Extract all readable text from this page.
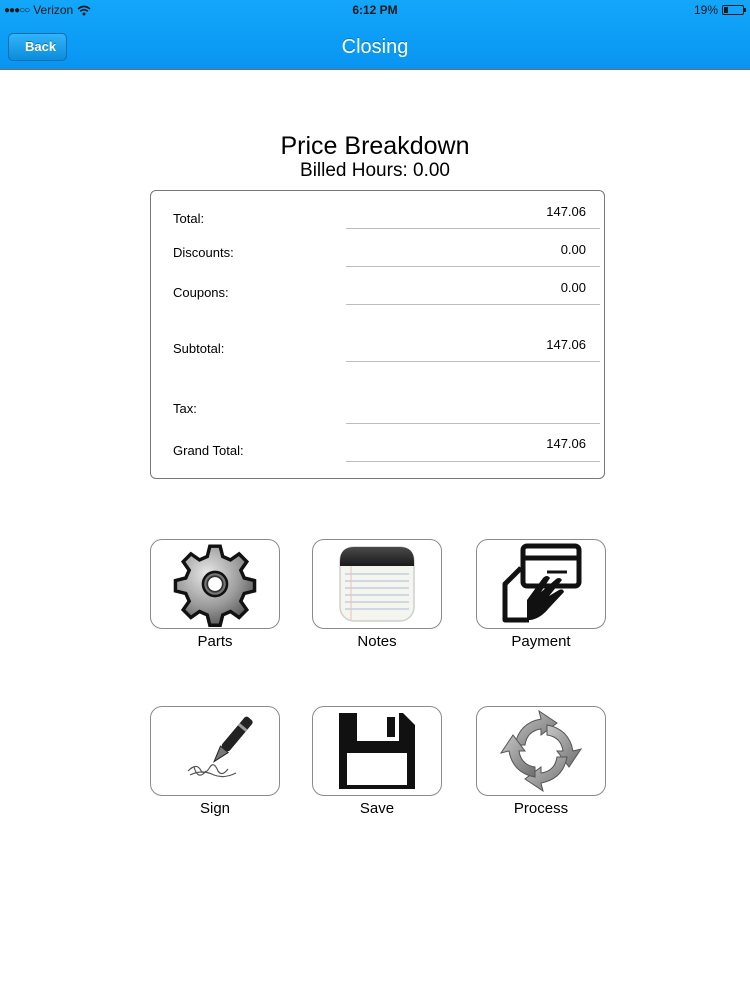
●●●○○ Verizon	6:12 PM	19%
Back	Closing
Price Breakdown
Billed Hours: 0.00
Total:	147.06
Discounts:	0.00
Coupons:	0.00
Subtotal:	147.06
Tax:
Grand Total:	147.06
Parts	Notes	Payment
Sign	Save	Process
